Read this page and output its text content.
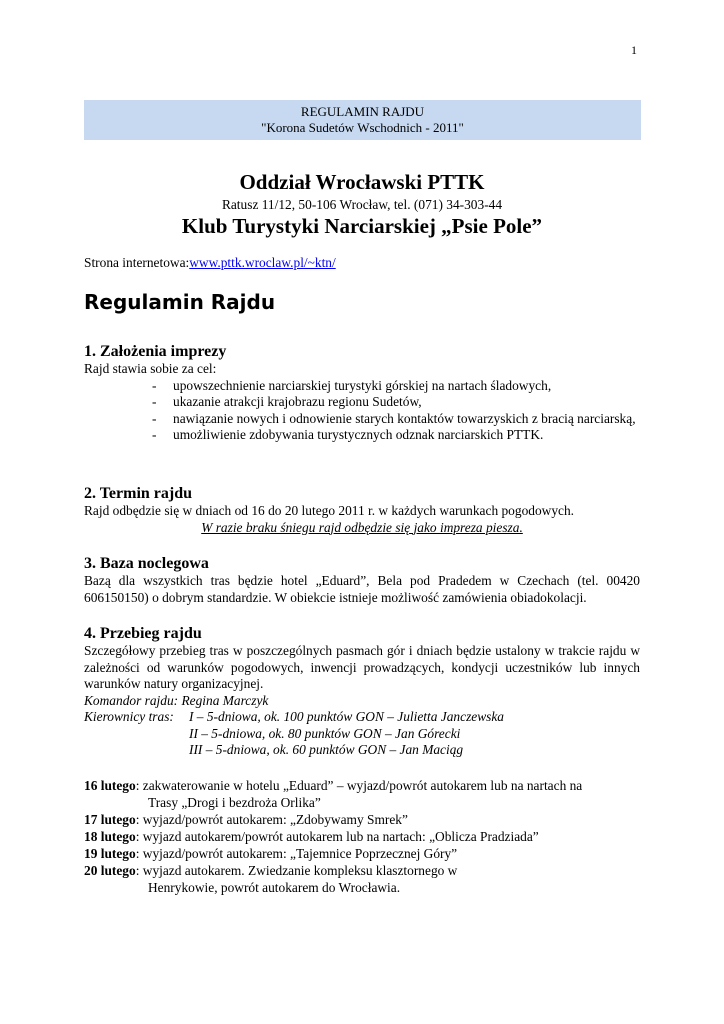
1
REGULAMIN RAJDU
"Korona Sudetów Wschodnich - 2011"
Oddział Wrocławski PTTK
Ratusz 11/12, 50-106 Wrocław, tel. (071) 34-303-44
Klub Turystyki Narciarskiej „Psie Pole”
Strona internetowa:www.pttk.wroclaw.pl/~ktn/
Regulamin Rajdu
1. Założenia imprezy

Rajd stawia sobie za cel:

- upowszechnienie narciarskiej turystyki górskiej na nartach śladowych,
- ukazanie atrakcji krajobrazu regionu Sudetów,
- nawiązanie nowych i odnowienie starych kontaktów towarzyskich z bracią narciarską,
- umożliwienie zdobywania turystycznych odznak narciarskich PTTK.
2. Termin rajdu

Rajd odbędzie się w dniach od 16 do 20 lutego 2011 r. w każdych warunkach pogodowych.

W razie braku śniegu rajd odbędzie się jako impreza piesza.

3. Baza noclegowa

Bazą dla wszystkich tras będzie hotel „Eduard”, Bela pod Pradedem w Czechach (tel. 00420 606150150) o dobrym standardzie. W obiekcie istnieje możliwość zamówienia obiadokolacji.

4. Przebieg rajdu

Szczegółowy przebieg tras w poszczególnych pasmach gór i dniach będzie ustalony w trakcie rajdu w zależności od warunków pogodowych, inwencji prowadzących, kondycji uczestników lub innych warunków natury organizacyjnej.

Komandor rajdu: Regina Marczyk

Kierownicy tras:	I – 5-dniowa, ok. 100 punktów GON – Julietta Janczewska
II – 5-dniowa, ok. 80 punktów GON – Jan Górecki
III – 5-dniowa, ok. 60 punktów GON – Jan Maciąg
16 lutego: zakwaterowanie w hotelu „Eduard” – wyjazd/powrót autokarem lub na nartach na
Trasy „Drogi i bezdroża Orlika”
17 lutego: wyjazd/powrót autokarem: „Zdobywamy Smrek”
18 lutego: wyjazd autokarem/powrót autokarem lub na nartach: „Oblicza Pradziada”
19 lutego: wyjazd/powrót autokarem: „Tajemnice Poprzecznej Góry”
20 lutego: wyjazd autokarem. Zwiedzanie kompleksu klasztornego w
Henrykowie, powrót autokarem do Wrocławia.
